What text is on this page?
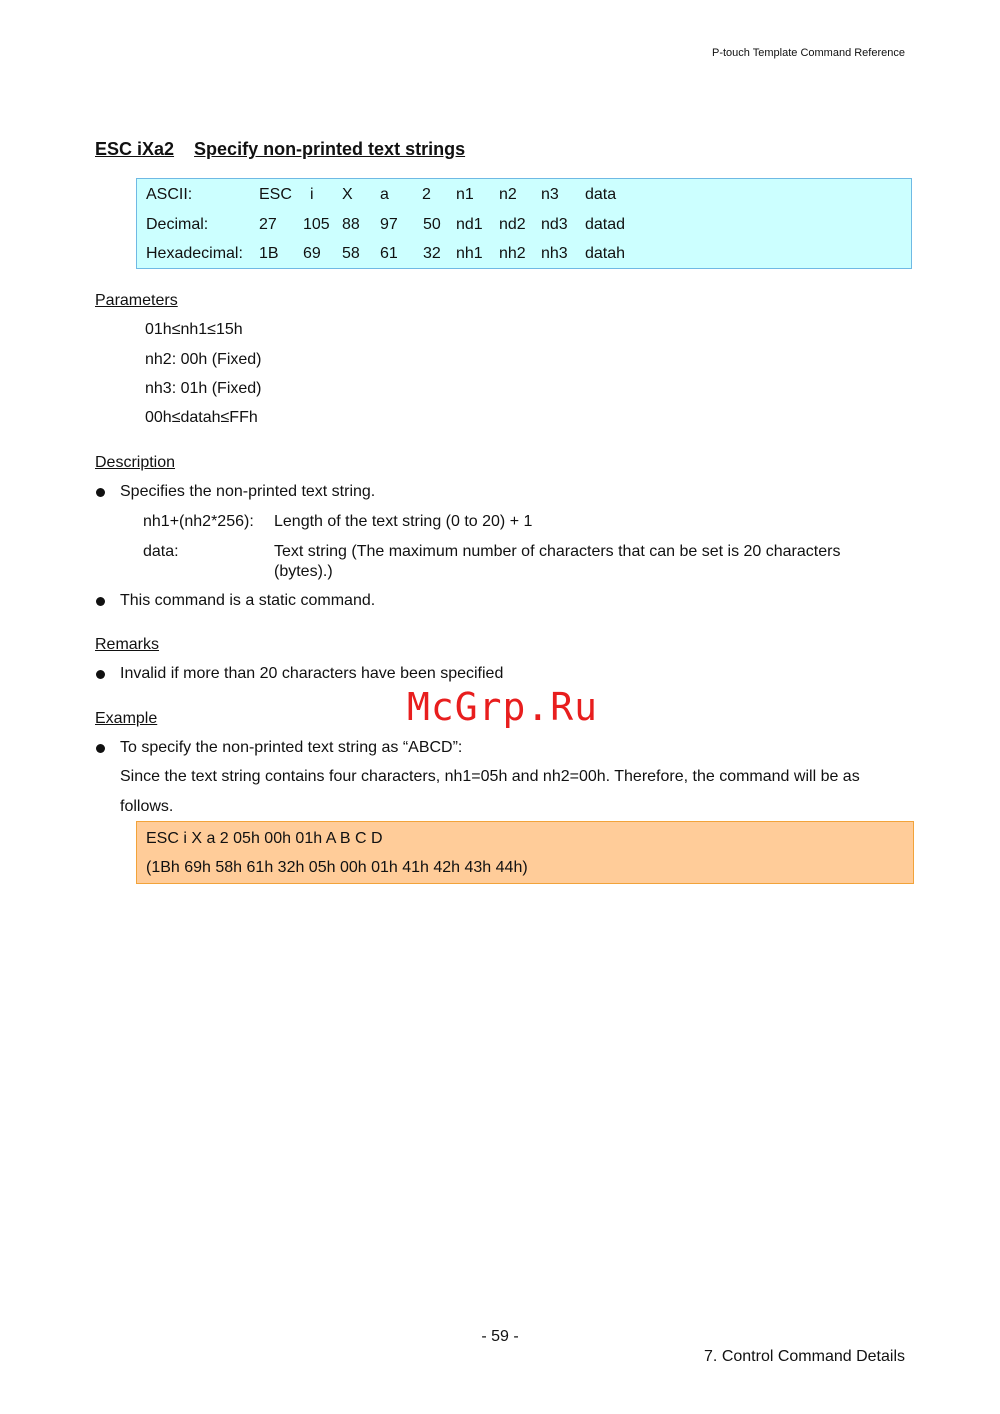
P-touch Template Command Reference
ESC iXa2 Specify non-printed text strings
ASCII:	ESC i X a 2 n1 n2 n3 data
Decimal:	27 105 88 97 50 nd1 nd2 nd3 datad
Hexadecimal: 1B 69 58 61 32 nh1 nh2 nh3 datah
Parameters
01h≤nh1≤15h
nh2: 00h (Fixed)
nh3: 01h (Fixed)
00h≤datah≤FFh
Description
Specifies the non-printed text string.
nh1+(nh2*256): Length of the text string (0 to 20) + 1
data:	Text string (The maximum number of characters that can be set is 20 characters
(bytes).)
This command is a static command.
Remarks
Invalid if more than 20 characters have been specified
McGrp.Ru
Example
To specify the non-printed text string as “ABCD”:
Since the text string contains four characters, nh1=05h and nh2=00h. Therefore, the command will be as
follows.
ESC i X a 2 05h 00h 01h A B C D
(1Bh 69h 58h 61h 32h 05h 00h 01h 41h 42h 43h 44h)
- 59 -
7. Control Command Details
